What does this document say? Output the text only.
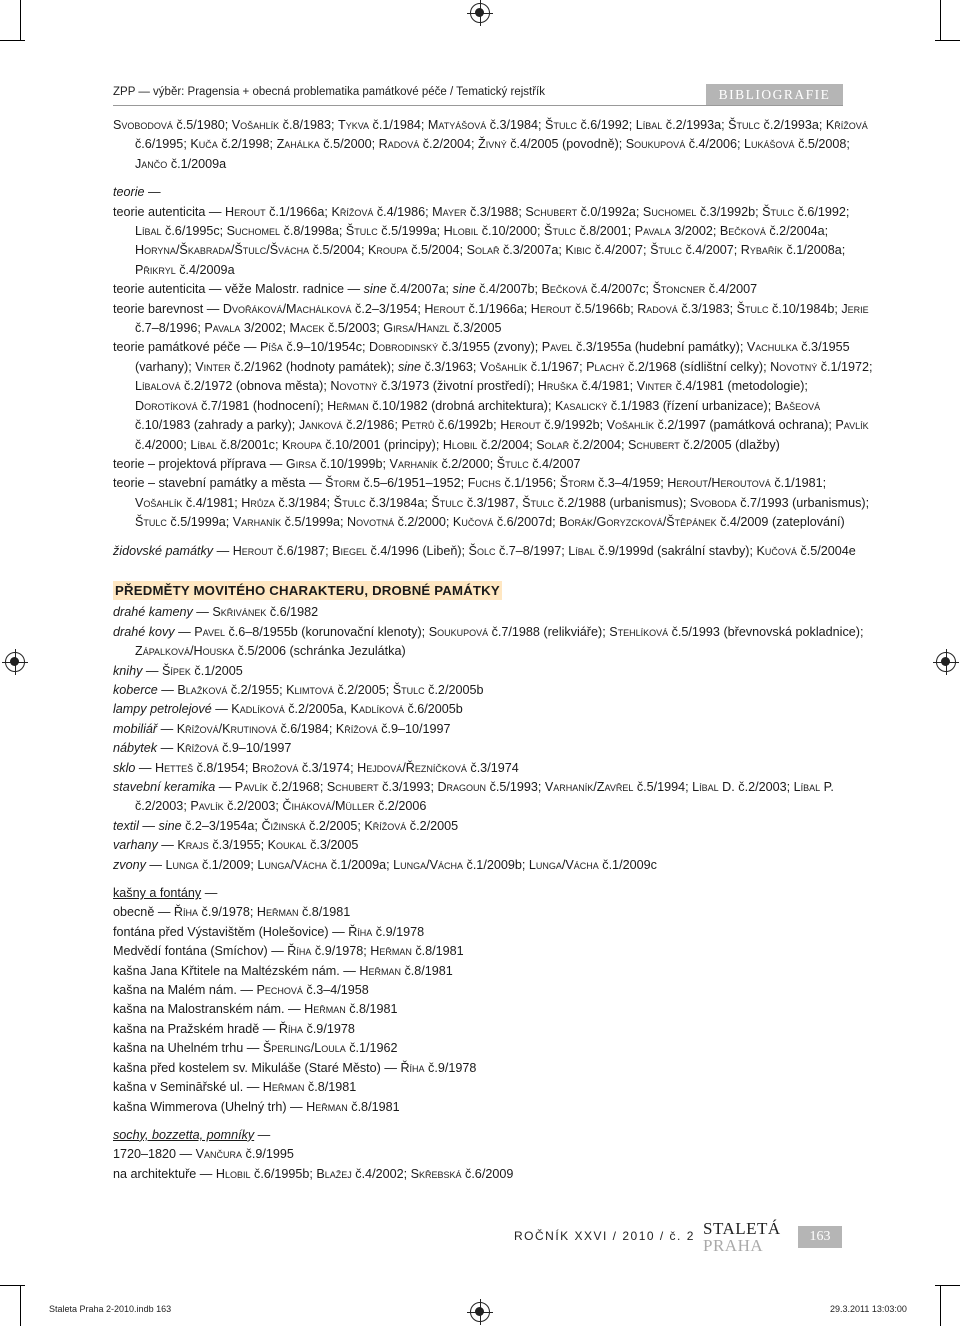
ZPP — výběr: Pragensia + obecná problematika památkové péče / Tematický rejstřík	BIBLIOGRAFIE
Svobodová č.5/1980; Vošahlík č.8/1983; Tykva č.1/1984; Matyášová č.3/1984; Štulc č.6/1992; Líbal č.2/1993a; Štulc č.2/1993a; Křížová č.6/1995; Kuča č.2/1998; Zahálka č.5/2000; Radová č.2/2004; Živný č.4/2005 (povodně); Soukupová č.4/2006; Lukášová č.5/2008; Jančo č.1/2009a
teorie —
teorie autenticita — Herout č.1/1966a; Křížová č.4/1986; Mayer č.3/1988; Schubert č.0/1992a; Suchomel č.3/1992b; Štulc č.6/1992; Líbal č.6/1995c; Suchomel č.8/1998a; Štulc č.5/1999a; Hlobil č.10/2000; Štulc č.8/2001; Pavala 3/2002; Bečková č.2/2004a; Horyna/Škabrada/Štulc/Švácha č.5/2004; Kroupa č.5/2004; Solař č.3/2007a; Kibic č.4/2007; Štulc č.4/2007; Rybařík č.1/2008a; Přikryl č.4/2009a
teorie autenticita — věže Malostr. radnice — sine č.4/2007a; sine č.4/2007b; Bečková č.4/2007c; Štoncner č.4/2007
teorie barevnost — Dvořáková/Machálková č.2–3/1954; Herout č.1/1966a; Herout č.5/1966b; Radová č.3/1983; Štulc č.10/1984b; Jerie č.7–8/1996; Pavala 3/2002; Macek č.5/2003; Girsa/Hanzl č.3/2005
teorie památkové péče — Píša č.9–10/1954c; Dobrodinský č.3/1955 (zvony); Pavel č.3/1955a (hudební památky); Vachulka č.3/1955 (varhany); Vinter č.2/1962 (hodnoty památek); sine č.3/1963; Vošahlík č.1/1967; Plachý č.2/1968 (sídlištní celky); Novotný č.1/1972; Líbalová č.2/1972 (obnova města); Novotný č.3/1973 (životní prostředí); Hruška č.4/1981; Vinter č.4/1981 (metodologie); Dorotíková č.7/1981 (hodnocení); Heřman č.10/1982 (drobná architektura); Kasalický č.1/1983 (řízení urbanizace); Bašeová č.10/1983 (zahrady a parky); Janková č.2/1986; Petrů č.6/1992b; Herout č.9/1992b; Vošahlík č.2/1997 (památková ochrana); Pavlík č.4/2000; Líbal č.8/2001c; Kroupa č.10/2001 (principy); Hlobil č.2/2004; Solař č.2/2004; Schubert č.2/2005 (dlažby)
teorie – projektová příprava — Girsa č.10/1999b; Varhaník č.2/2000; Štulc č.4/2007
teorie – stavební památky a města — Štorm č.5–6/1951–1952; Fuchs č.1/1956; Štorm č.3–4/1959; Herout/Heroutová č.1/1981; Vošahlík č.4/1981; Hrůza č.3/1984; Štulc č.3/1984a; Štulc č.3/1987, Štulc č.2/1988 (urbanismus); Svoboda č.7/1993 (urbanismus); Štulc č.5/1999a; Varhaník č.5/1999a; Novotná č.2/2000; Kučová č.6/2007d; Borák/Goryzcková/Štěpánek č.4/2009 (zateplování)
židovské památky — Herout č.6/1987; Biegel č.4/1996 (Libeň); Šolc č.7–8/1997; Líbal č.9/1999d (sakrální stavby); Kučová č.5/2004e
PŘEDMĚTY MOVITÉHO CHARAKTERU, DROBNÉ PAMÁTKY
drahé kameny — Skřivánek č.6/1982
drahé kovy — Pavel č.6–8/1955b (korunovační klenoty); Soukupová č.7/1988 (relikviáře); Stehlíková č.5/1993 (břevnovská pokladnice); Zápalková/Houska č.5/2006 (schránka Jezulátka)
knihy — Šípek č.1/2005
koberce — Blažková č.2/1955; Klimtová č.2/2005; Štulc č.2/2005b
lampy petrolejové — Kadlíková č.2/2005a, Kadlíková č.6/2005b
mobiliář — Křížová/Krutinová č.6/1984; Křížová č.9–10/1997
nábytek — Křížová č.9–10/1997
sklo — Hetteš č.8/1954; Brožová č.3/1974; Hejdová/Řezníčková č.3/1974
stavební keramika — Pavlík č.2/1968; Schubert č.3/1993; Dragoun č.5/1993; Varhaník/Zavřel č.5/1994; Líbal D. č.2/2003; Líbal P. č.2/2003; Pavlík č.2/2003; Čiháková/Müller č.2/2006
textil — sine č.2–3/1954a; Čižinská č.2/2005; Křížová č.2/2005
varhany — Krajs č.3/1955; Koukal č.3/2005
zvony — Lunga č.1/2009; Lunga/Vácha č.1/2009a; Lunga/Vácha č.1/2009b; Lunga/Vácha č.1/2009c
kašny a fontány —
obecně — Říha č.9/1978; Heřman č.8/1981
fontána před Výstavištěm (Holešovice) — Říha č.9/1978
Medvědí fontána (Smíchov) — Říha č.9/1978; Heřman č.8/1981
kašna Jana Křtitele na Maltézském nám. — Heřman č.8/1981
kašna na Malém nám. — Pechová č.3–4/1958
kašna na Malostranském nám. — Heřman č.8/1981
kašna na Pražském hradě — Říha č.9/1978
kašna na Uhelném trhu — Šperling/Loula č.1/1962
kašna před kostelem sv. Mikuláše (Staré Město) — Říha č.9/1978
kašna v Semināřské ul. — Heřman č.8/1981
kašna Wimmerova (Uhelný trh) — Heřman č.8/1981
sochy, bozzetta, pomníky —
1720–1820 — Vančura č.9/1995
na architektuře — Hlobil č.6/1995b; Blažej č.4/2002; Skřebská č.6/2009
ROČNÍK XXVI / 2010 / č. 2 STALETÁ
PRAHA	163
Staleta Praha 2-2010.indb 163	29.3.2011 13:03:00
